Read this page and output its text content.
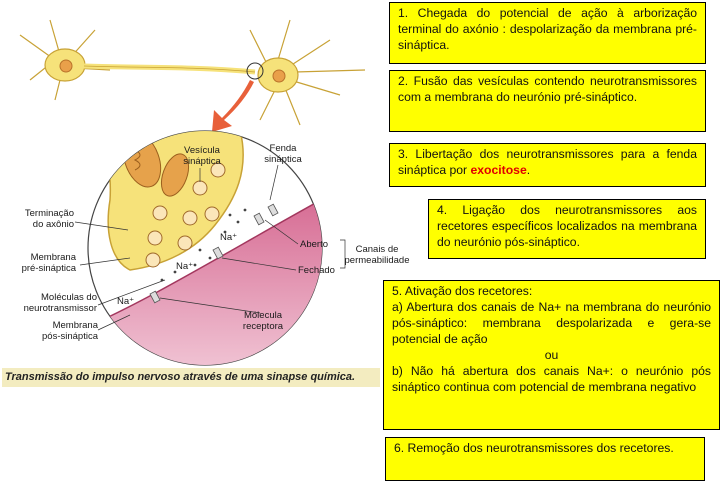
Vesícula
sináptica
Fenda
sináptica
Terminação
do axônio
Aberto	Canais de
permeabilidade
Membrana
pré-sináptica	Fechado
Moléculas do
neurotransmissor
Membrana
pós-sináptica
Mólecula
receptora
Na⁺
Na⁺
Na⁺
Transmissão do impulso nervoso através de uma sinapse química.
1. Chegada do potencial de ação à arborização terminal do axónio : despolarização da membrana pré-sináptica.
2. Fusão das vesículas contendo neurotransmissores com a membrana do neurónio pré-sináptico.
3. Libertação dos neurotransmissores para a fenda sináptica por exocitose.
4. Ligação dos neurotransmissores aos recetores específicos localizados na membrana do neurónio pós-sináptico.
5. Ativação dos recetores:
a) Abertura dos canais de Na+ na membrana do neurónio pós-sináptico: membrana despolarizada e gera-se potencial de ação
ou
b) Não há abertura dos canais Na+: o neurónio pós sináptico continua com potencial de membrana negativo
6. Remoção dos neurotransmissores dos recetores.
